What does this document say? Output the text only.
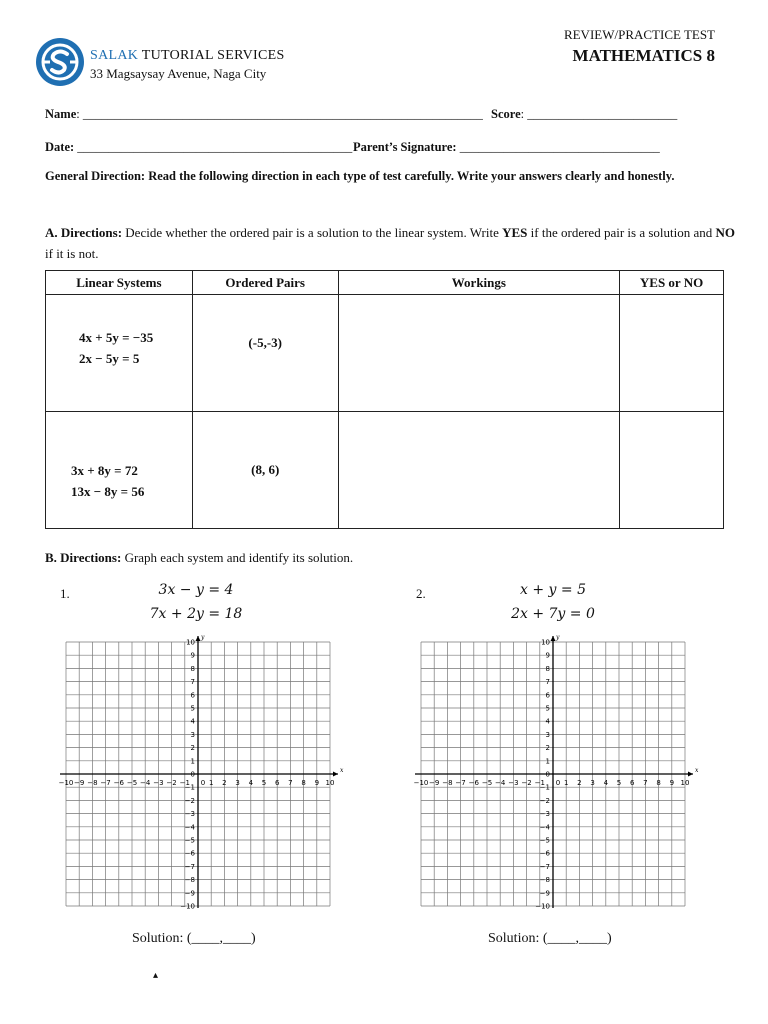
SALAK TUTORIAL SERVICES
33 Magsaysay Avenue, Naga City
REVIEW/PRACTICE TEST
MATHEMATICS 8
Name: ________________________________________________________________ Score: ________________________
Date: ____________________________________________ Parent’s Signature: ________________________________
General Direction: Read the following direction in each type of test carefully. Write your answers clearly and honestly.
A. Directions: Decide whether the ordered pair is a solution to the linear system. Write YES if the ordered pair is a solution and NO if it is not.
Linear Systems	Ordered Pairs	Workings	YES or NO

4x + 5y = −35
2x − 5y = 5	(-5,-3)		

3x + 8y = 72
13x − 8y = 56	(8, 6)		
B. Directions: Graph each system and identify its solution.
1.	3x − y = 4
7x + 2y = 18
−10 −9 −8 −7 −6 −5 −4 −3 −2 −1	1 2 3 4 5 6 7 8 9 10
0
−10
−9
−8
−7
−6
−5
−4
−3
−2
−1
0
1
2
3
4
5
6
7
8
9
10
x
y
Solution: (____,____)
2.	x + y = 5
2x + 7y = 0
−10 −9 −8 −7 −6 −5 −4 −3 −2 −1	1 2 3 4 5 6 7 8 9 10
0
−10
−9
−8
−7
−6
−5
−4
−3
−2
−1
0
1
2
3
4
5
6
7
8
9
10
x
y
Solution: (____,____)
▴
